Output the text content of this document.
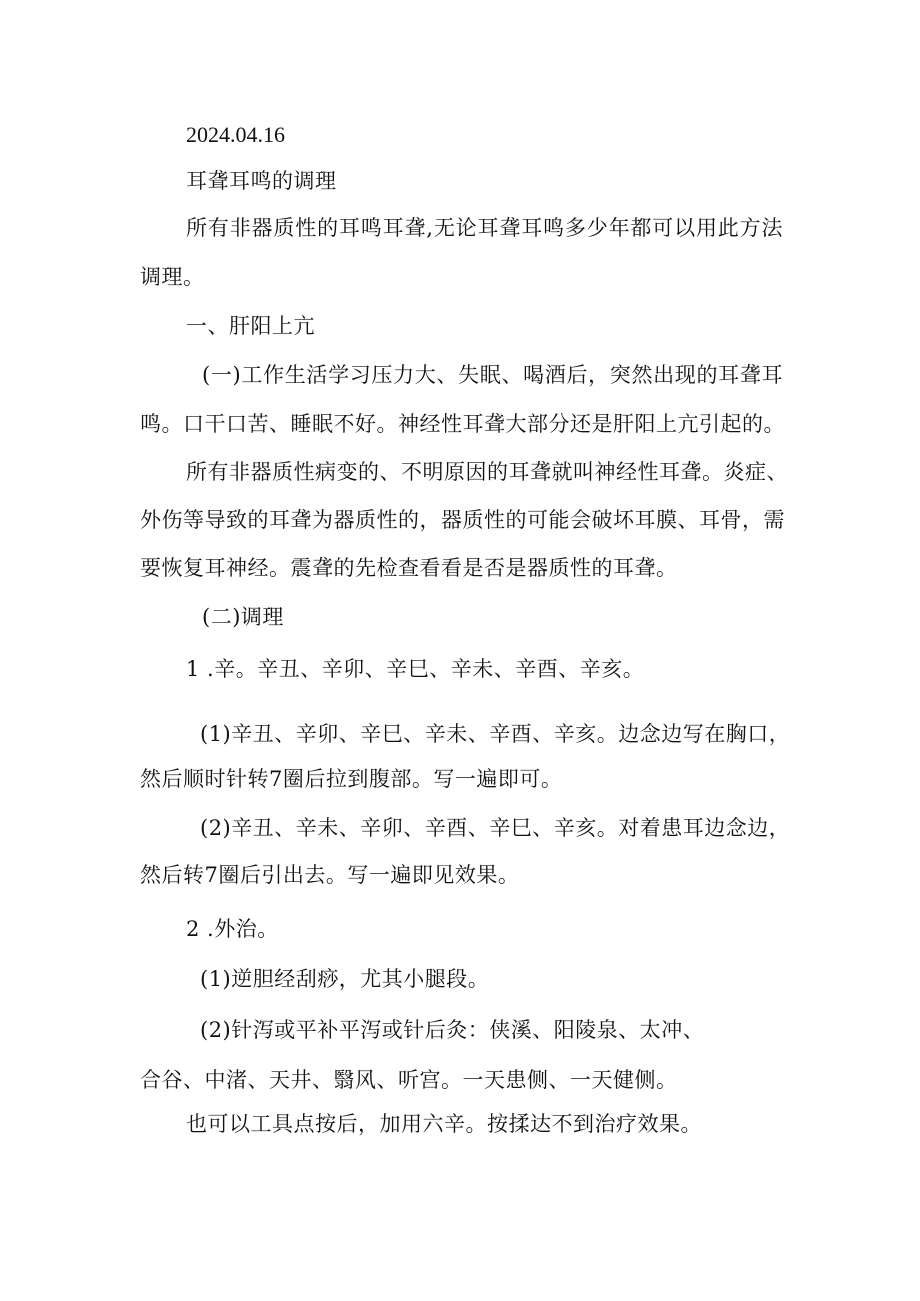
2024.04.16
耳聋耳鸣的调理
所有非器质性的耳鸣耳聋,无论耳聋耳鸣多少年都可以用此方法
调理。
一、肝阳上亢
(一)工作生活学习压力大、失眠、喝酒后，突然出现的耳聋耳
鸣。口干口苦、睡眠不好。神经性耳聋大部分还是肝阳上亢引起的。
所有非器质性病变的、不明原因的耳聋就叫神经性耳聋。炎症、
外伤等导致的耳聋为器质性的，器质性的可能会破坏耳膜、耳骨，需
要恢复耳神经。震聋的先检查看看是否是器质性的耳聋。
(二)调理
1 .辛。辛丑、辛卯、辛巳、辛未、辛酉、辛亥。
(1)辛丑、辛卯、辛巳、辛未、辛酉、辛亥。边念边写在胸口，
然后顺时针转7圈后拉到腹部。写一遍即可。
(2)辛丑、辛未、辛卯、辛酉、辛巳、辛亥。对着患耳边念边，
然后转7圈后引出去。写一遍即见效果。
2 .外治。
(1)逆胆经刮痧，尤其小腿段。
(2)针泻或平补平泻或针后灸：侠溪、阳陵泉、太冲、
合谷、中渚、天井、翳风、听宫。一天患侧、一天健侧。
也可以工具点按后，加用六辛。按揉达不到治疗效果。
